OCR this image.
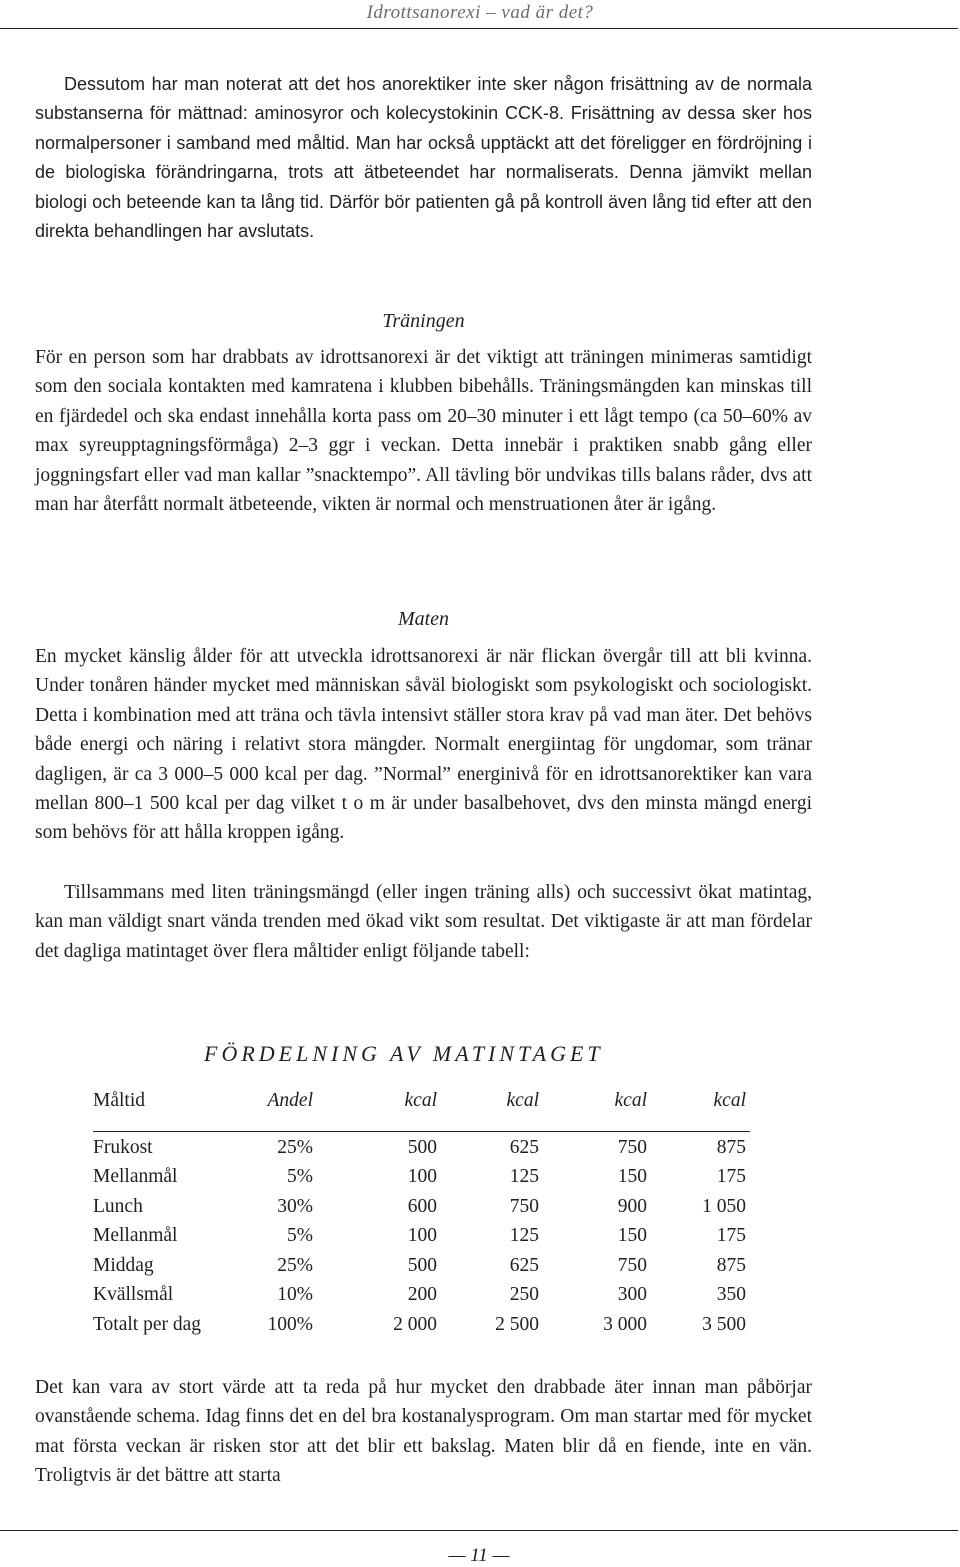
Idrottsanorexi – vad är det?

Dessutom har man noterat att det hos anorektiker inte sker någon frisättning av de normala substanserna för mättnad: aminosyror och kolecystokinin CCK-8. Frisättning av dessa sker hos normalpersoner i samband med måltid. Man har också upptäckt att det föreligger en fördröjning i de biologiska förändringarna, trots att ätbeteendet har normaliserats. Denna jämvikt mellan biologi och beteende kan ta lång tid. Därför bör patienten gå på kontroll även lång tid efter att den direkta behandlingen har avslutats.

Träningen

För en person som har drabbats av idrottsanorexi är det viktigt att träningen minimeras samtidigt som den sociala kontakten med kamratena i klubben bibehålls. Träningsmängden kan minskas till en fjärdedel och ska endast innehålla korta pass om 20–30 minuter i ett lågt tempo (ca 50–60% av max syreupptagningsförmåga) 2–3 ggr i veckan. Detta innebär i praktiken snabb gång eller joggningsfart eller vad man kallar ”snacktempo”. All tävling bör undvikas tills balans råder, dvs att man har återfått normalt ätbeteende, vikten är normal och menstruationen åter är igång.

Maten

En mycket känslig ålder för att utveckla idrottsanorexi är när flickan övergår till att bli kvinna. Under tonåren händer mycket med människan såväl biologiskt som psykologiskt och sociologiskt. Detta i kombination med att träna och tävla intensivt ställer stora krav på vad man äter. Det behövs både energi och näring i relativt stora mängder. Normalt energiintag för ungdomar, som tränar dagligen, är ca 3 000–5 000 kcal per dag. ”Normal” energinivå för en idrottsanorektiker kan vara mellan 800–1 500 kcal per dag vilket t o m är under basalbehovet, dvs den minsta mängd energi som behövs för att hålla kroppen igång.

Tillsammans med liten träningsmängd (eller ingen träning alls) och successivt ökat matintag, kan man väldigt snart vända trenden med ökad vikt som resultat. Det viktigaste är att man fördelar det dagliga matintaget över flera måltider enligt följande tabell:

Det kan vara av stort värde att ta reda på hur mycket den drabbade äter innan man påbörjar ovanstående schema. Idag finns det en del bra kostanalysprogram. Om man startar med för mycket mat första veckan är risken stor att det blir ett bakslag. Maten blir då en fiende, inte en vän. Troligtvis är det bättre att starta

FÖRDELNING AV MATINTAGET
Måltid	Andel	kcal	kcal	kcal	kcal
Frukost	25%	500	625	750	875
Mellanmål	5%	100	125	150	175
Lunch	30%	600	750	900	1 050
Mellanmål	5%	100	125	150	175
Middag	25%	500	625	750	875
Kvällsmål	10%	200	250	300	350
Totalt per dag	100%	2 000	2 500	3 000	3 500
— 11 —
